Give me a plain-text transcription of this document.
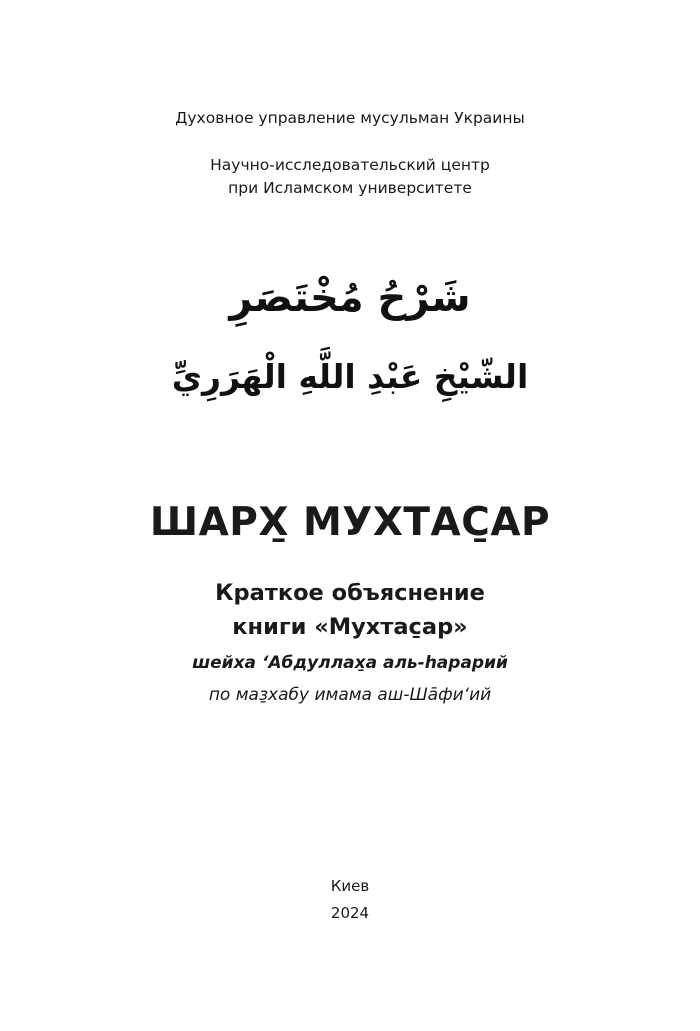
Духовное управление мусульман Украины
Научно-исследовательский центр
при Исламском университете
شَرْحُ مُخْتَصَرِ
الشّيْخِ عَبْدِ اللَّهِ الْهَرَرِيِّ
ШАРХ̱ МУХТАС̱АР
Краткое объяснение
книги «Мухтас̱ар»
шейха ‘Абдуллах̱а аль-hарарий
по маз̱хабу имама аш-Ша̄фи‘ий
Киев
2024
